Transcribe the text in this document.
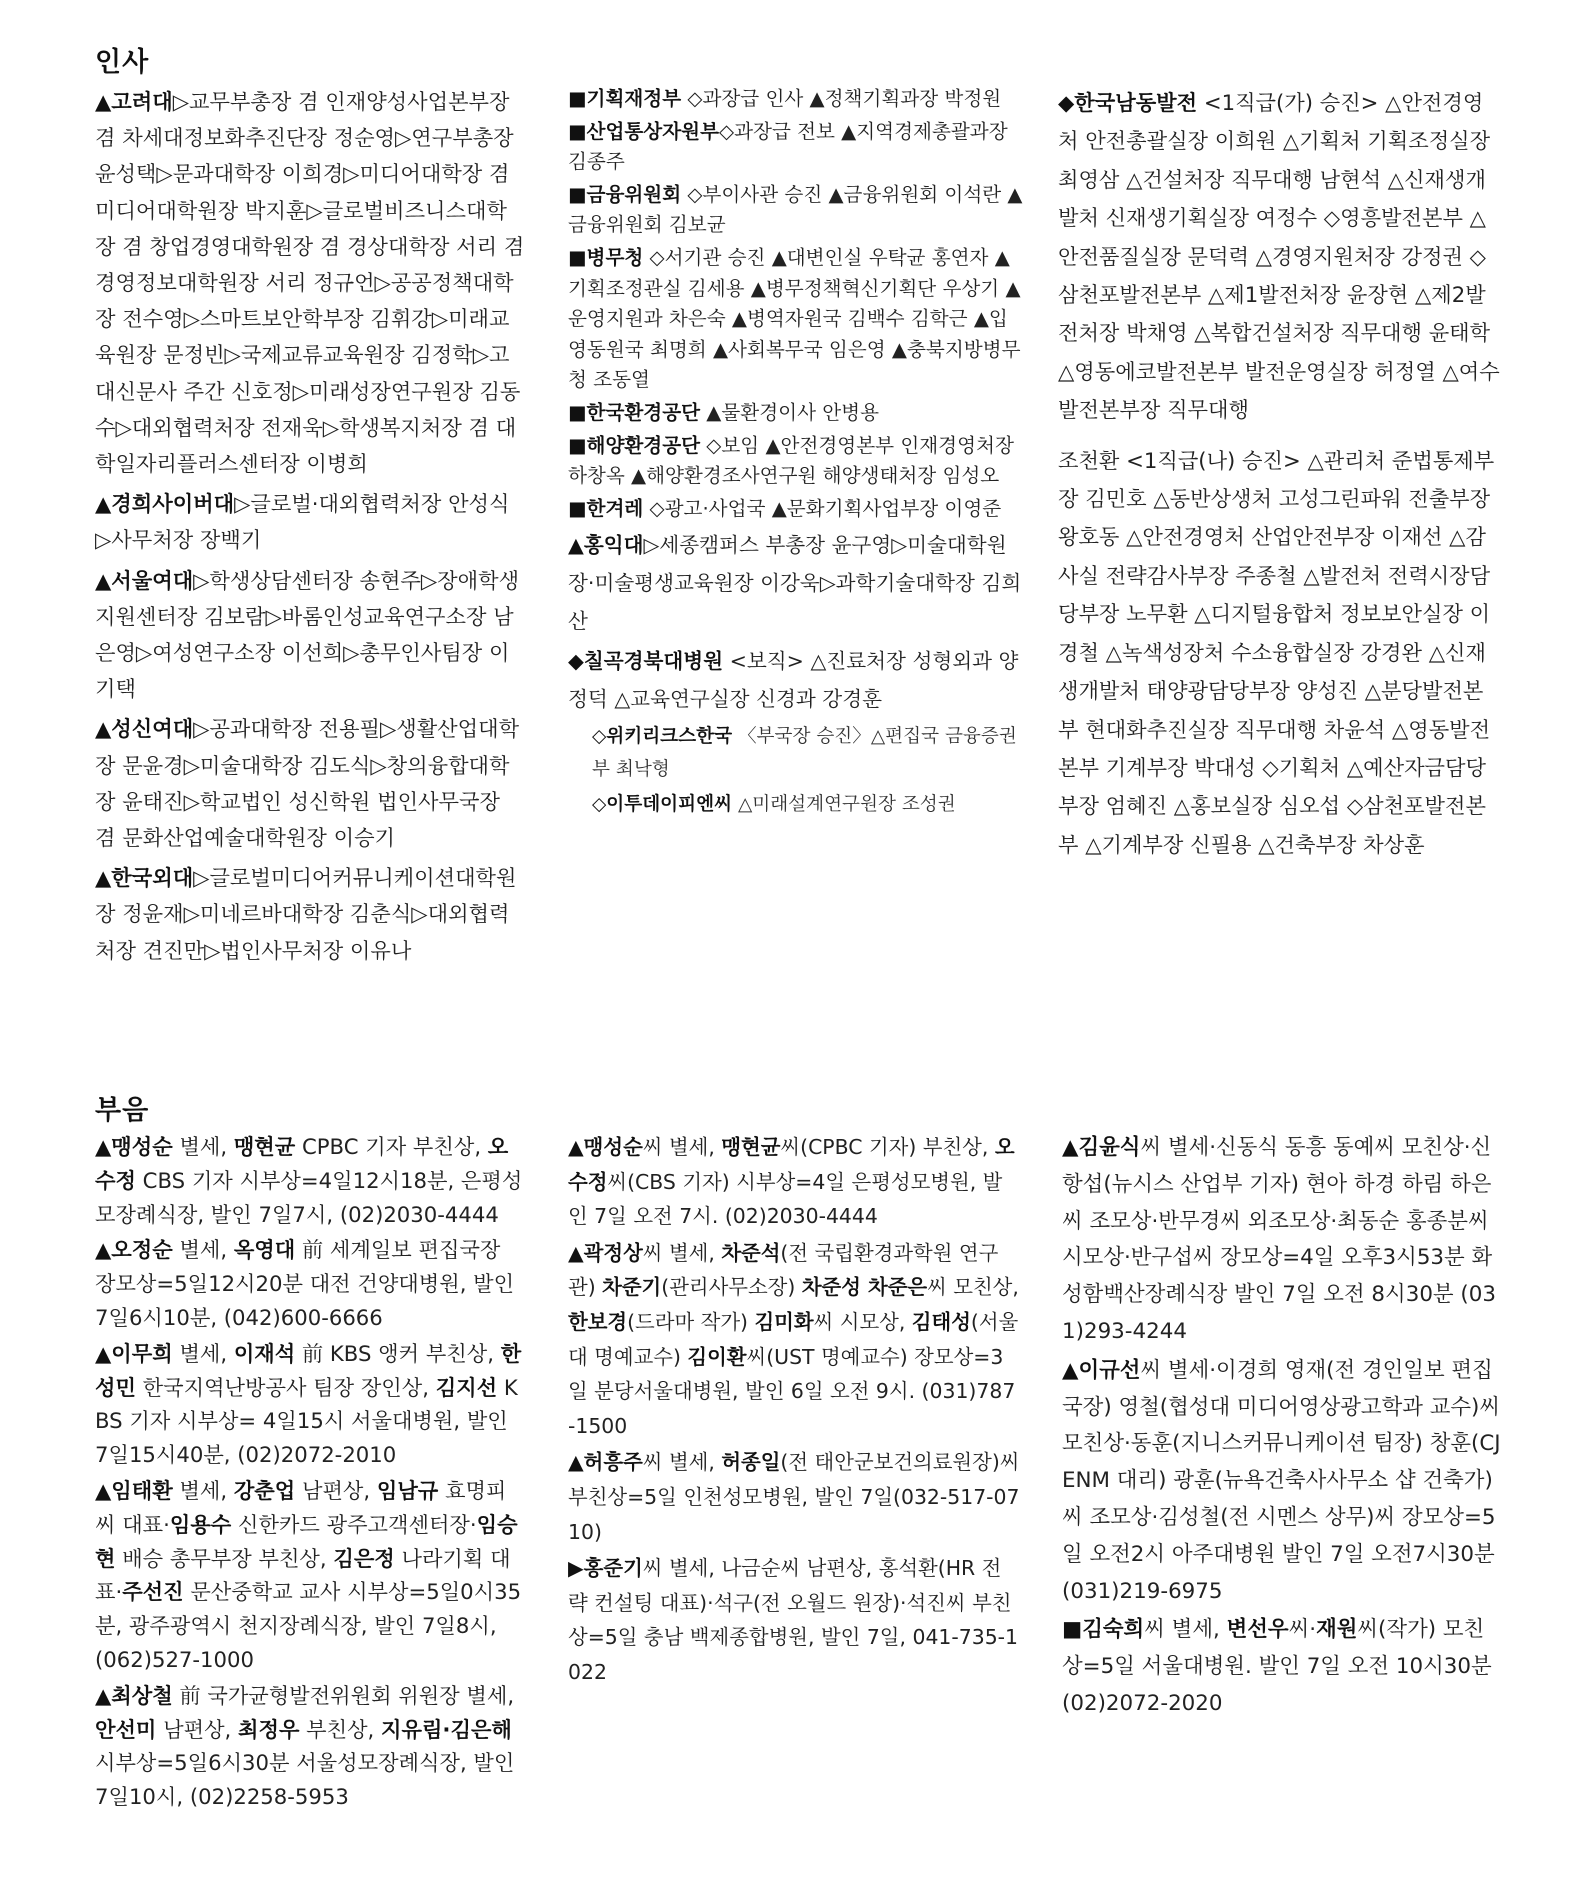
인사
부음

▲고려대▷교무부총장 겸 인재양성사업본부장 겸 차세대정보화추진단장 정순영▷연구부총장 윤성택▷문과대학장 이희경▷미디어대학장 겸 미디어대학원장 박지훈▷글로벌비즈니스대학장 겸 창업경영대학원장 겸 경상대학장 서리 겸 경영정보대학원장 서리 정규언▷공공정책대학장 전수영▷스마트보안학부장 김휘강▷미래교육원장 문정빈▷국제교류교육원장 김정학▷고대신문사 주간 신호정▷미래성장연구원장 김동수▷대외협력처장 전재욱▷학생복지처장 겸 대학일자리플러스센터장 이병희

▲경희사이버대▷글로벌·대외협력처장 안성식▷사무처장 장백기

▲서울여대▷학생상담센터장 송현주▷장애학생지원센터장 김보람▷바롬인성교육연구소장 남은영▷여성연구소장 이선희▷총무인사팀장 이기택

▲성신여대▷공과대학장 전용필▷생활산업대학장 문윤경▷미술대학장 김도식▷창의융합대학장 윤태진▷학교법인 성신학원 법인사무국장 겸 문화산업예술대학원장 이승기

▲한국외대▷글로벌미디어커뮤니케이션대학원장 정윤재▷미네르바대학장 김춘식▷대외협력처장 견진만▷법인사무처장 이유나

■기획재정부 ◇과장급 인사 ▲정책기획과장 박정원

■산업통상자원부◇과장급 전보 ▲지역경제총괄과장 김종주

■금융위원회 ◇부이사관 승진 ▲금융위원회 이석란 ▲금융위원회 김보균

■병무청 ◇서기관 승진 ▲대변인실 우탁균 홍연자 ▲기획조정관실 김세용 ▲병무정책혁신기획단 우상기 ▲운영지원과 차은숙 ▲병역자원국 김백수 김학근 ▲입영동원국 최명희 ▲사회복무국 임은영 ▲충북지방병무청 조동열

■한국환경공단 ▲물환경이사 안병용

■해양환경공단 ◇보임 ▲안전경영본부 인재경영처장 하창옥 ▲해양환경조사연구원 해양생태처장 임성오

■한겨레 ◇광고·사업국 ▲문화기획사업부장 이영준

▲홍익대▷세종캠퍼스 부총장 윤구영▷미술대학원장·미술평생교육원장 이강욱▷과학기술대학장 김희산

◆칠곡경북대병원 <보직> △진료처장 성형외과 양정덕 △교육연구실장 신경과 강경훈

◇위키리크스한국 〈부국장 승진〉△편집국 금융증권부 최낙형

◇이투데이피엔씨 △미래설계연구원장 조성권

◆한국남동발전 <1직급(가) 승진> △안전경영처 안전총괄실장 이희원 △기획처 기획조정실장 최영삼 △건설처장 직무대행 남현석 △신재생개발처 신재생기획실장 여정수 ◇영흥발전본부 △안전품질실장 문덕력 △경영지원처장 강정권 ◇삼천포발전본부 △제1발전처장 윤장현 △제2발전처장 박채영 △복합건설처장 직무대행 윤태학 △영동에코발전본부 발전운영실장 허정열 △여수발전본부장 직무대행

조천환 <1직급(나) 승진> △관리처 준법통제부장 김민호 △동반상생처 고성그린파워 전출부장 왕호동 △안전경영처 산업안전부장 이재선 △감사실 전략감사부장 주종철 △발전처 전력시장담당부장 노무환 △디지털융합처 정보보안실장 이경철 △녹색성장처 수소융합실장 강경완 △신재생개발처 태양광담당부장 양성진 △분당발전본부 현대화추진실장 직무대행 차윤석 △영동발전본부 기계부장 박대성 ◇기획처 △예산자금담당부장 엄혜진 △홍보실장 심오섭 ◇삼천포발전본부 △기계부장 신필용 △건축부장 차상훈

▲맹성순 별세, 맹현균 CPBC 기자 부친상, 오수정 CBS 기자 시부상=4일12시18분, 은평성모장례식장, 발인 7일7시, (02)2030-4444

▲오정순 별세, 옥영대 前 세계일보 편집국장 장모상=5일12시20분 대전 건양대병원, 발인 7일6시10분, (042)600-6666

▲이무희 별세, 이재석 前 KBS 앵커 부친상, 한성민 한국지역난방공사 팀장 장인상, 김지선 KBS 기자 시부상= 4일15시 서울대병원, 발인 7일15시40분, (02)2072-2010

▲임태환 별세, 강춘업 남편상, 임남규 효명피씨 대표·임용수 신한카드 광주고객센터장·임승현 배승 총무부장 부친상, 김은정 나라기획 대표·주선진 문산중학교 교사 시부상=5일0시35분, 광주광역시 천지장례식장, 발인 7일8시, (062)527-1000

▲최상철 前 국가균형발전위원회 위원장 별세, 안선미 남편상, 최정우 부친상, 지유림·김은해 시부상=5일6시30분 서울성모장례식장, 발인 7일10시, (02)2258-5953

▲맹성순씨 별세, 맹현균씨(CPBC 기자) 부친상, 오수정씨(CBS 기자) 시부상=4일 은평성모병원, 발인 7일 오전 7시. (02)2030-4444

▲곽정상씨 별세, 차준석(전 국립환경과학원 연구관) 차준기(관리사무소장) 차준성 차준은씨 모친상, 한보경(드라마 작가) 김미화씨 시모상, 김태성(서울대 명예교수) 김이환씨(UST 명예교수) 장모상=3일 분당서울대병원, 발인 6일 오전 9시. (031)787-1500

▲허흥주씨 별세, 허종일(전 태안군보건의료원장)씨 부친상=5일 인천성모병원, 발인 7일(032-517-0710)

▶홍준기씨 별세, 나금순씨 남편상, 홍석환(HR 전략 컨설팅 대표)·석구(전 오월드 원장)·석진씨 부친상=5일 충남 백제종합병원, 발인 7일, 041-735-1022

▲김윤식씨 별세·신동식 동흥 동예씨 모친상·신항섭(뉴시스 산업부 기자) 현아 하경 하림 하은씨 조모상·반무경씨 외조모상·최동순 홍종분씨 시모상·반구섭씨 장모상=4일 오후3시53분 화성함백산장례식장 발인 7일 오전 8시30분 (031)293-4244

▲이규선씨 별세·이경희 영재(전 경인일보 편집국장) 영철(협성대 미디어영상광고학과 교수)씨 모친상·동훈(지니스커뮤니케이션 팀장) 창훈(CJ ENM 대리) 광훈(뉴욕건축사사무소 샵 건축가)씨 조모상·김성철(전 시멘스 상무)씨 장모상=5일 오전2시 아주대병원 발인 7일 오전7시30분 (031)219-6975

■김숙희씨 별세, 변선우씨·재원씨(작가) 모친상=5일 서울대병원. 발인 7일 오전 10시30분 (02)2072-2020
